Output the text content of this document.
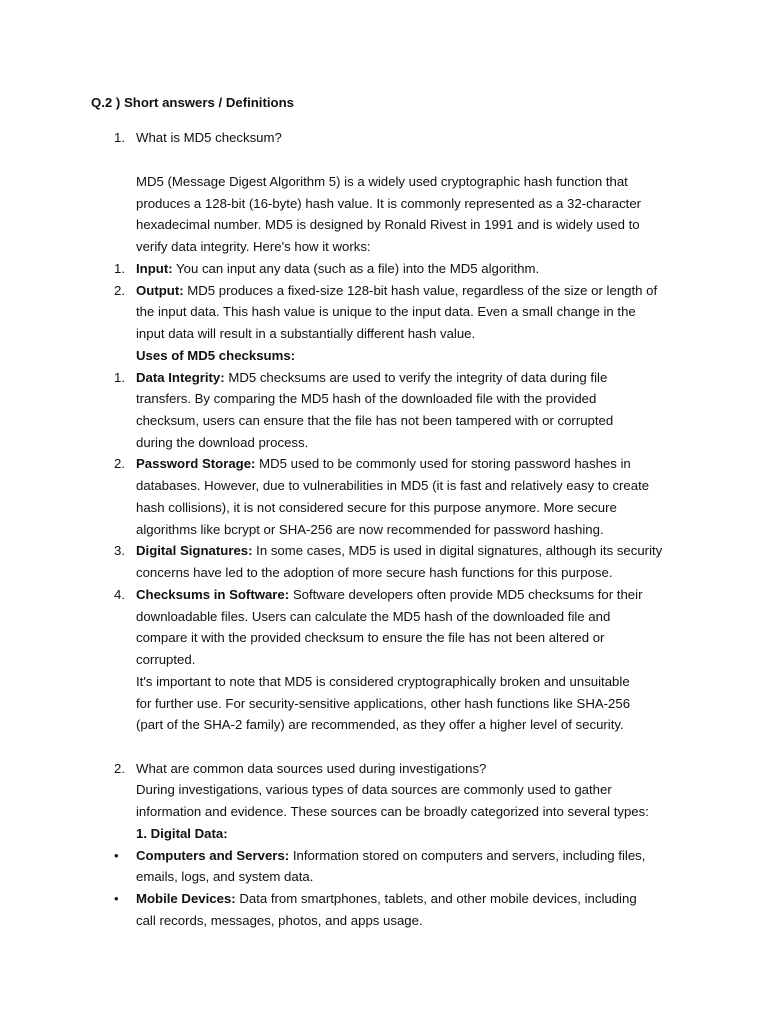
Q.2 ) Short answers / Definitions
1. What is MD5 checksum?
MD5 (Message Digest Algorithm 5) is a widely used cryptographic hash function that
produces a 128-bit (16-byte) hash value. It is commonly represented as a 32-character
hexadecimal number. MD5 is designed by Ronald Rivest in 1991 and is widely used to
verify data integrity. Here's how it works:
1. Input: You can input any data (such as a file) into the MD5 algorithm.
2. Output: MD5 produces a fixed-size 128-bit hash value, regardless of the size or length of
the input data. This hash value is unique to the input data. Even a small change in the
input data will result in a substantially different hash value.
Uses of MD5 checksums:
1. Data Integrity: MD5 checksums are used to verify the integrity of data during file
transfers. By comparing the MD5 hash of the downloaded file with the provided
checksum, users can ensure that the file has not been tampered with or corrupted
during the download process.
2. Password Storage: MD5 used to be commonly used for storing password hashes in
databases. However, due to vulnerabilities in MD5 (it is fast and relatively easy to create
hash collisions), it is not considered secure for this purpose anymore. More secure
algorithms like bcrypt or SHA-256 are now recommended for password hashing.
3. Digital Signatures: In some cases, MD5 is used in digital signatures, although its security
concerns have led to the adoption of more secure hash functions for this purpose.
4. Checksums in Software: Software developers often provide MD5 checksums for their
downloadable files. Users can calculate the MD5 hash of the downloaded file and
compare it with the provided checksum to ensure the file has not been altered or
corrupted.
It's important to note that MD5 is considered cryptographically broken and unsuitable
for further use. For security-sensitive applications, other hash functions like SHA-256
(part of the SHA-2 family) are recommended, as they offer a higher level of security.
2. What are common data sources used during investigations?
During investigations, various types of data sources are commonly used to gather
information and evidence. These sources can be broadly categorized into several types:
1. Digital Data:
• Computers and Servers: Information stored on computers and servers, including files,
emails, logs, and system data.
• Mobile Devices: Data from smartphones, tablets, and other mobile devices, including
call records, messages, photos, and apps usage.
